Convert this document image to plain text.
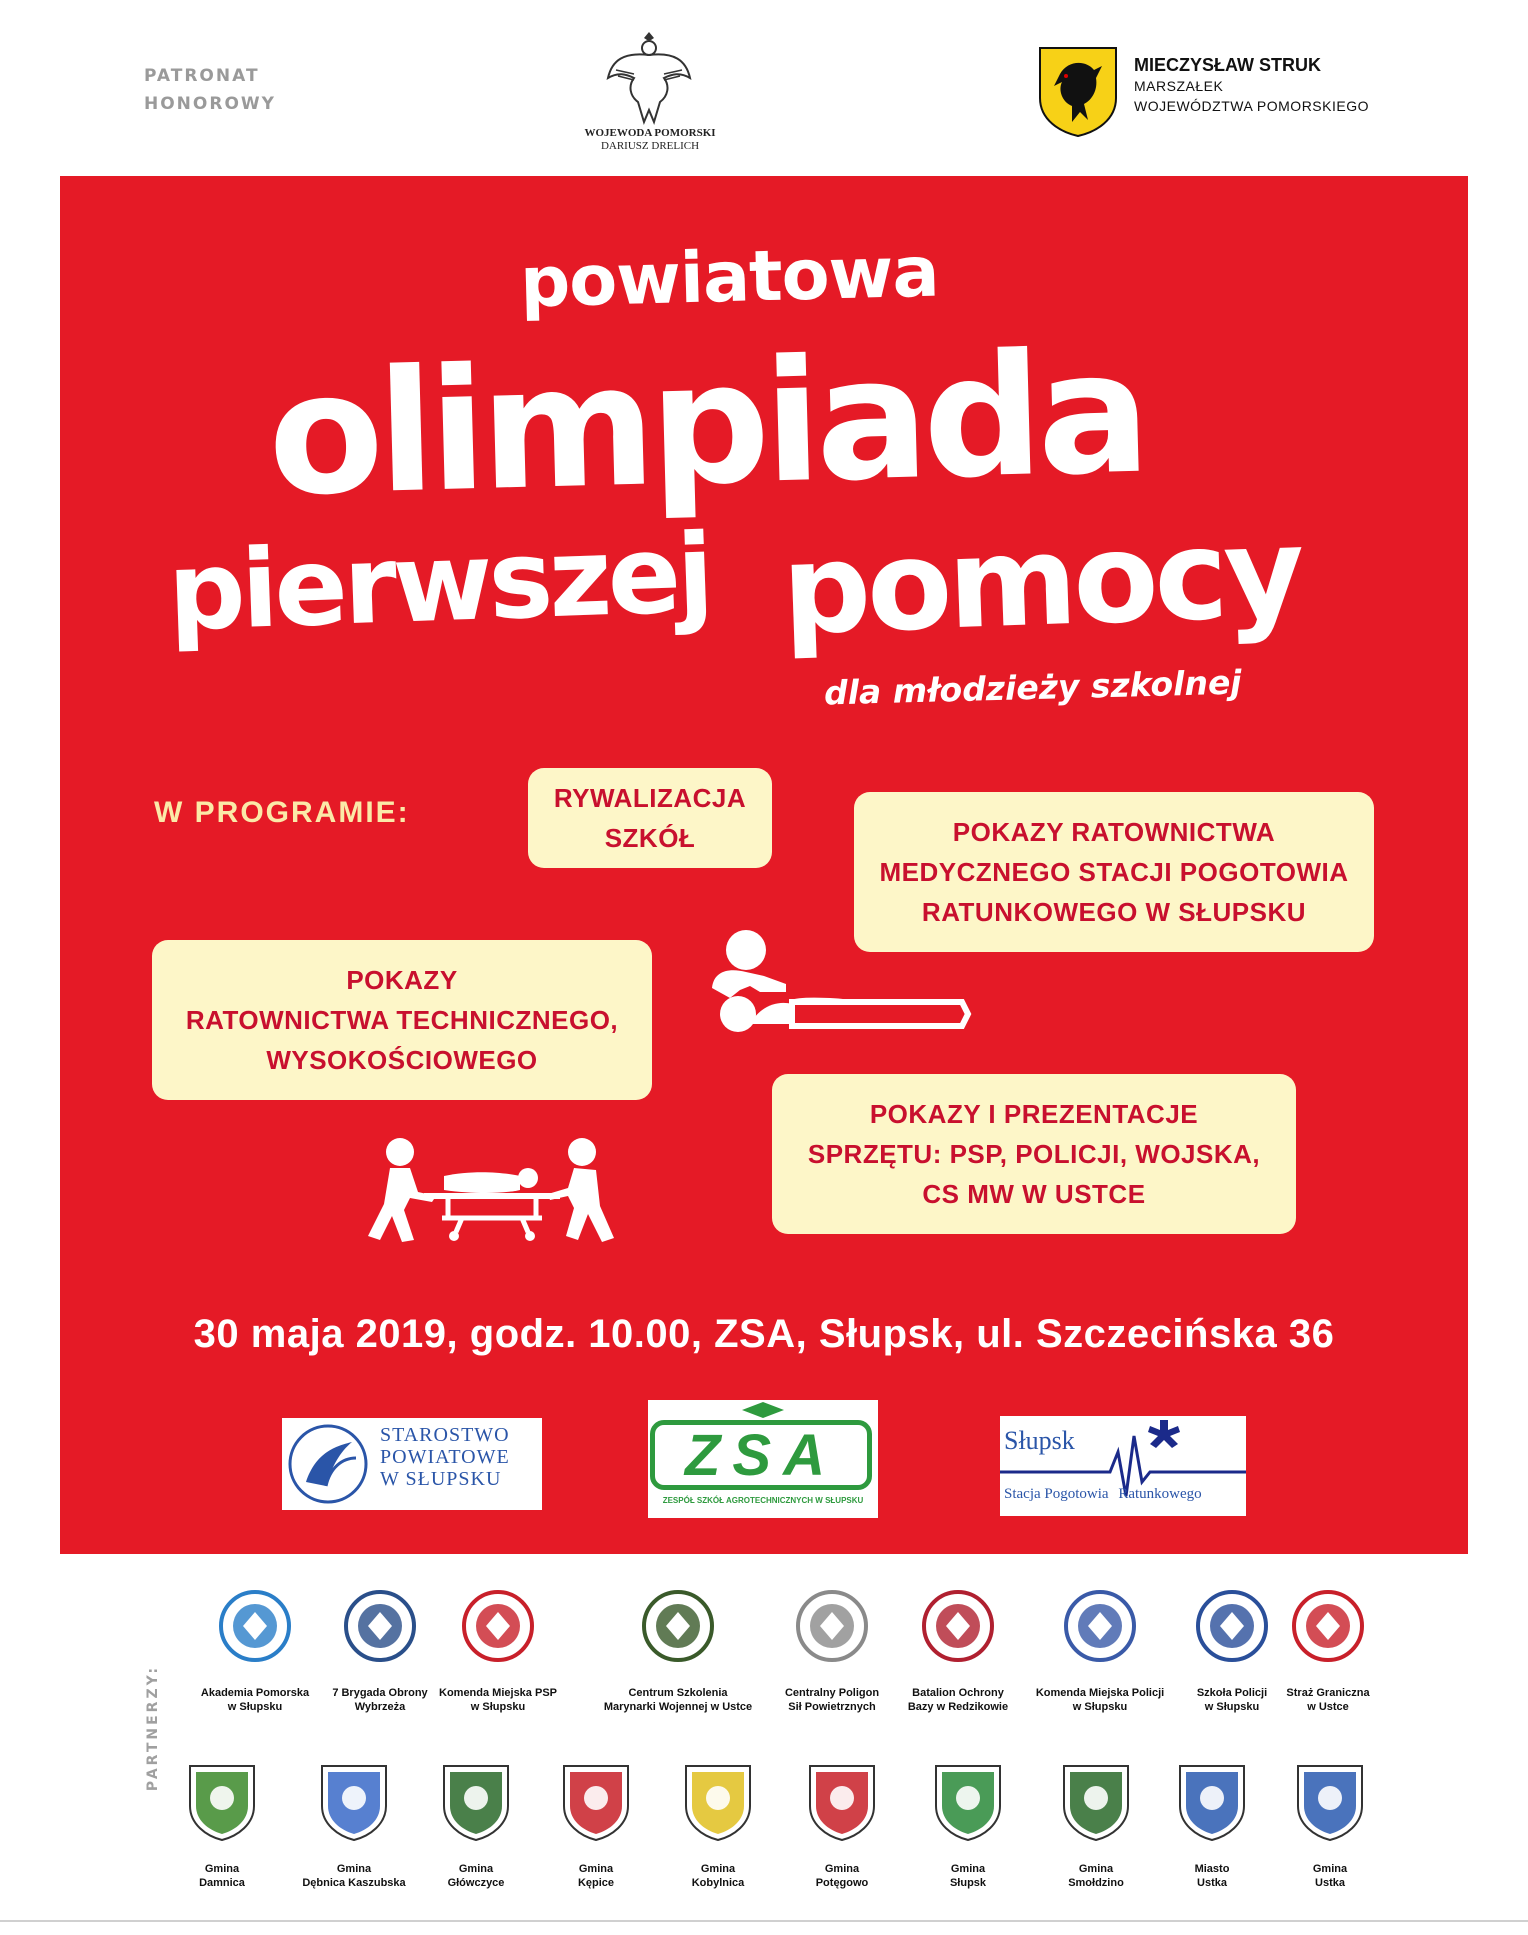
PATRONAT
HONOROWY
WOJEWODA POMORSKI
DARIUSZ DRELICH
MIECZYSŁAW STRUK
MARSZAŁEK
WOJEWÓDZTWA POMORSKIEGO
powiatowa
olimpiada
pierwszej pomocy
dla młodzieży szkolnej
W PROGRAMIE:	RYWALIZACJA
SZKÓŁ	POKAZY RATOWNICTWA
MEDYCZNEGO STACJI POGOTOWIA
RATUNKOWEGO W SŁUPSKU
POKAZY
RATOWNICTWA TECHNICZNEGO,
WYSOKOŚCIOWEGO
POKAZY I PREZENTACJE
SPRZĘTU: PSP, POLICJI, WOJSKA,
CS MW W USTCE
30 maja 2019, godz. 10.00, ZSA, Słupsk, ul. Szczecińska 36
STAROSTWO
POWIATOWE
W SŁUPSKU	ZSA
ZESPÓŁ SZKÓŁ AGROTECHNICZNYCH W SŁUPSKU
Słupsk
Stacja Pogotowia Ratunkowego
PARTNERZY:	Akademia Pomorska
w Słupsku
7 Brygada Obrony
Wybrzeża
Komenda Miejska PSP
w Słupsku
Centrum Szkolenia
Marynarki Wojennej w Ustce
Centralny Poligon
Sił Powietrznych
Batalion Ochrony
Bazy w Redzikowie
Komenda Miejska Policji
w Słupsku
Szkoła Policji
w Słupsku
Straż Graniczna
w Ustce
Gmina
Damnica
Gmina
Dębnica Kaszubska
Gmina
Główczyce
Gmina
Kępice
Gmina
Kobylnica
Gmina
Potęgowo
Gmina
Słupsk
Gmina
Smołdzino
Miasto
Ustka
Gmina
Ustka
